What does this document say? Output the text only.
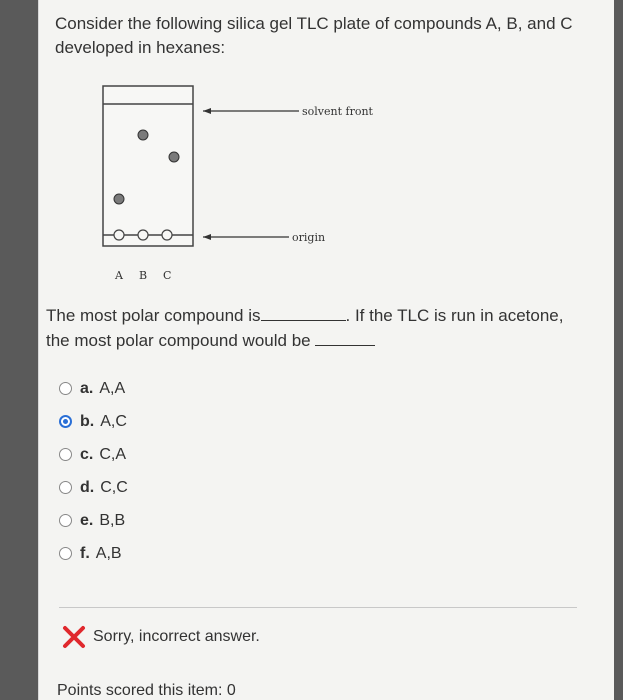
Consider the following silica gel TLC plate of compounds A, B, and C developed in hexanes:
solvent front
origin
A B C
The most polar compound is	. If the TLC is run in acetone,
the most polar compound would be
a. A,A
b. A,C
c. C,A
d. C,C
e. B,B
f. A,B
Sorry, incorrect answer.
Points scored this item: 0
